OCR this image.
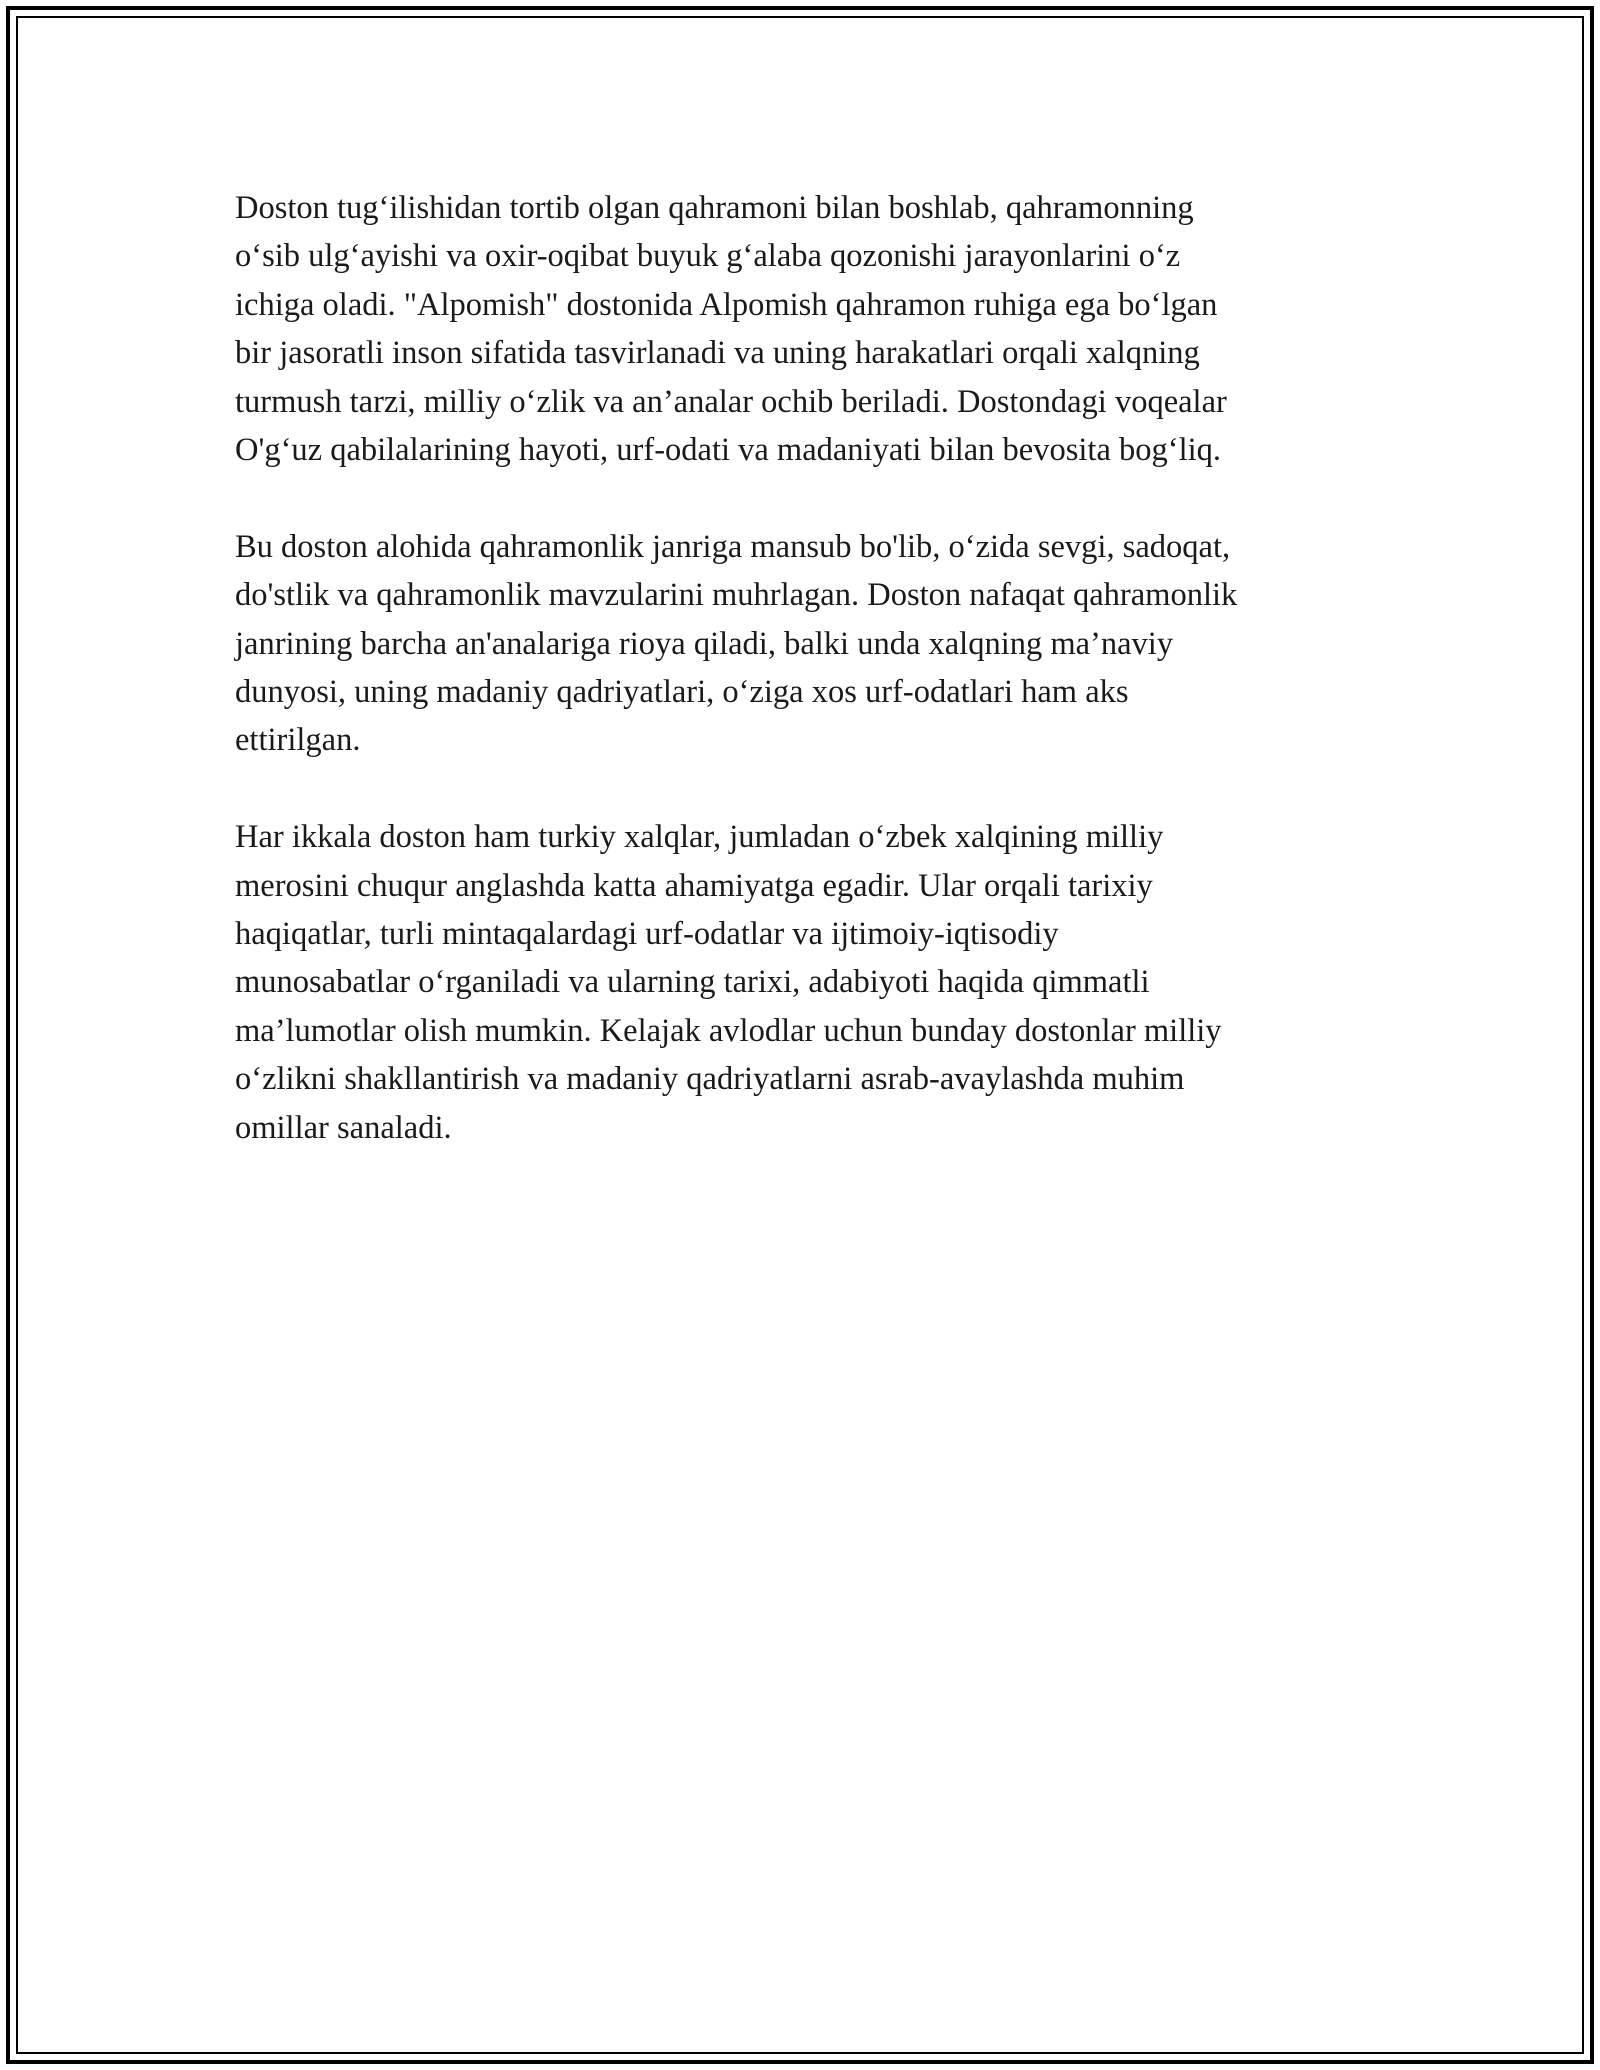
Doston tugʻilishidan tortib olgan qahramoni bilan boshlab, qahramonning
oʻsib ulgʻayishi va oxir-oqibat buyuk gʻalaba qozonishi jarayonlarini oʻz
ichiga oladi. "Alpomish" dostonida Alpomish qahramon ruhiga ega boʻlgan
bir jasoratli inson sifatida tasvirlanadi va uning harakatlari orqali xalqning
turmush tarzi, milliy oʻzlik va an’analar ochib beriladi. Dostondagi voqealar
O'gʻuz qabilalarining hayoti, urf-odati va madaniyati bilan bevosita bogʻliq.

Bu doston alohida qahramonlik janriga mansub bo'lib, oʻzida sevgi, sadoqat,
do'stlik va qahramonlik mavzularini muhrlagan. Doston nafaqat qahramonlik
janrining barcha an'analariga rioya qiladi, balki unda xalqning ma’naviy
dunyosi, uning madaniy qadriyatlari, oʻziga xos urf-odatlari ham aks
ettirilgan.

Har ikkala doston ham turkiy xalqlar, jumladan oʻzbek xalqining milliy
merosini chuqur anglashda katta ahamiyatga egadir. Ular orqali tarixiy
haqiqatlar, turli mintaqalardagi urf-odatlar va ijtimoiy-iqtisodiy
munosabatlar oʻrganiladi va ularning tarixi, adabiyoti haqida qimmatli
ma’lumotlar olish mumkin. Kelajak avlodlar uchun bunday dostonlar milliy
oʻzlikni shakllantirish va madaniy qadriyatlarni asrab-avaylashda muhim
omillar sanaladi.
